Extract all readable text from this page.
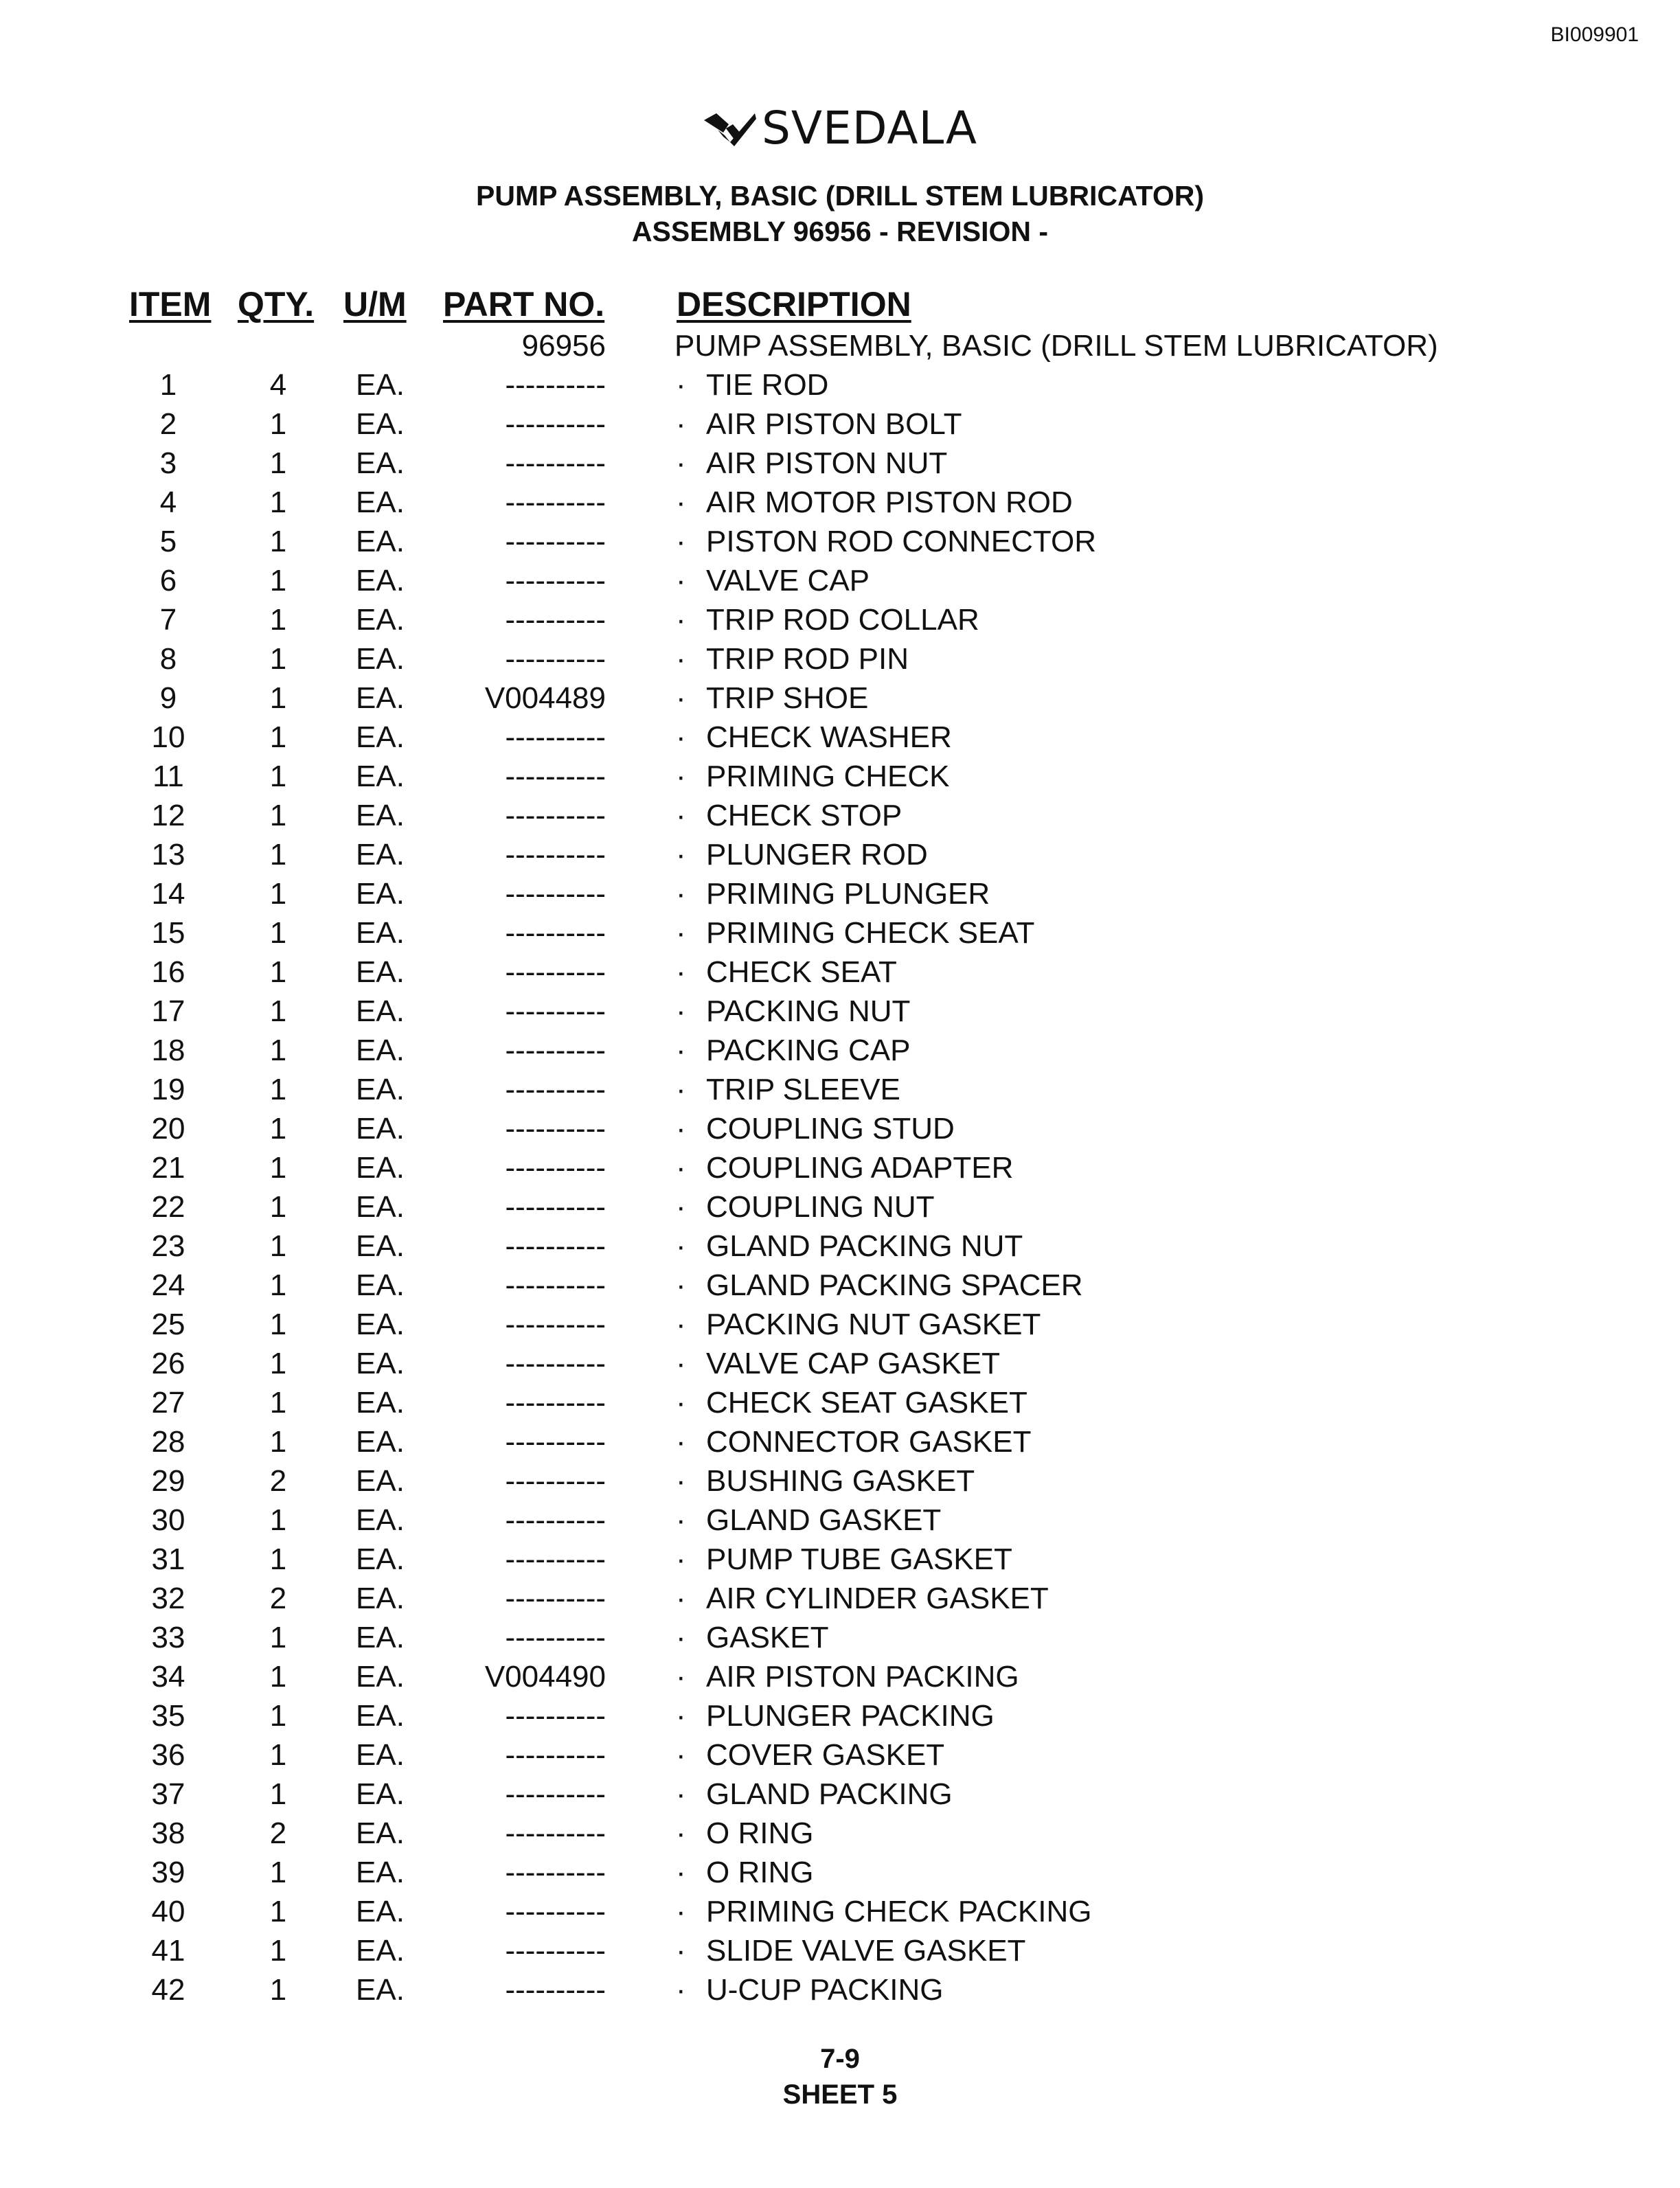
BI009901
SVEDALA
PUMP ASSEMBLY, BASIC (DRILL STEM LUBRICATOR)
ASSEMBLY 96956 - REVISION -
ITEM QTY. U/M PART NO. DESCRIPTION
96956 PUMP ASSEMBLY, BASIC (DRILL STEM LUBRICATOR)
1	4	EA.	---------- · TIE ROD
2	1	EA.	---------- · AIR PISTON BOLT
3	1	EA.	---------- · AIR PISTON NUT
4	1	EA.	---------- · AIR MOTOR PISTON ROD
5	1	EA.	---------- · PISTON ROD CONNECTOR
6	1	EA.	---------- · VALVE CAP
7	1	EA.	---------- · TRIP ROD COLLAR
8	1	EA.	---------- · TRIP ROD PIN
9	1	EA.	V004489 · TRIP SHOE
10	1	EA.	---------- · CHECK WASHER
11	1	EA.	---------- · PRIMING CHECK
12	1	EA.	---------- · CHECK STOP
13	1	EA.	---------- · PLUNGER ROD
14	1	EA.	---------- · PRIMING PLUNGER
15	1	EA.	---------- · PRIMING CHECK SEAT
16	1	EA.	---------- · CHECK SEAT
17	1	EA.	---------- · PACKING NUT
18	1	EA.	---------- · PACKING CAP
19	1	EA.	---------- · TRIP SLEEVE
20	1	EA.	---------- · COUPLING STUD
21	1	EA.	---------- · COUPLING ADAPTER
22	1	EA.	---------- · COUPLING NUT
23	1	EA.	---------- · GLAND PACKING NUT
24	1	EA.	---------- · GLAND PACKING SPACER
25	1	EA.	---------- · PACKING NUT GASKET
26	1	EA.	---------- · VALVE CAP GASKET
27	1	EA.	---------- · CHECK SEAT GASKET
28	1	EA.	---------- · CONNECTOR GASKET
29	2	EA.	---------- · BUSHING GASKET
30	1	EA.	---------- · GLAND GASKET
31	1	EA.	---------- · PUMP TUBE GASKET
32	2	EA.	---------- · AIR CYLINDER GASKET
33	1	EA.	---------- · GASKET
34	1	EA.	V004490 · AIR PISTON PACKING
35	1	EA.	---------- · PLUNGER PACKING
36	1	EA.	---------- · COVER GASKET
37	1	EA.	---------- · GLAND PACKING
38	2	EA.	---------- · O RING
39	1	EA.	---------- · O RING
40	1	EA.	---------- · PRIMING CHECK PACKING
41	1	EA.	---------- · SLIDE VALVE GASKET
42	1	EA.	---------- · U-CUP PACKING
7-9
SHEET 5
